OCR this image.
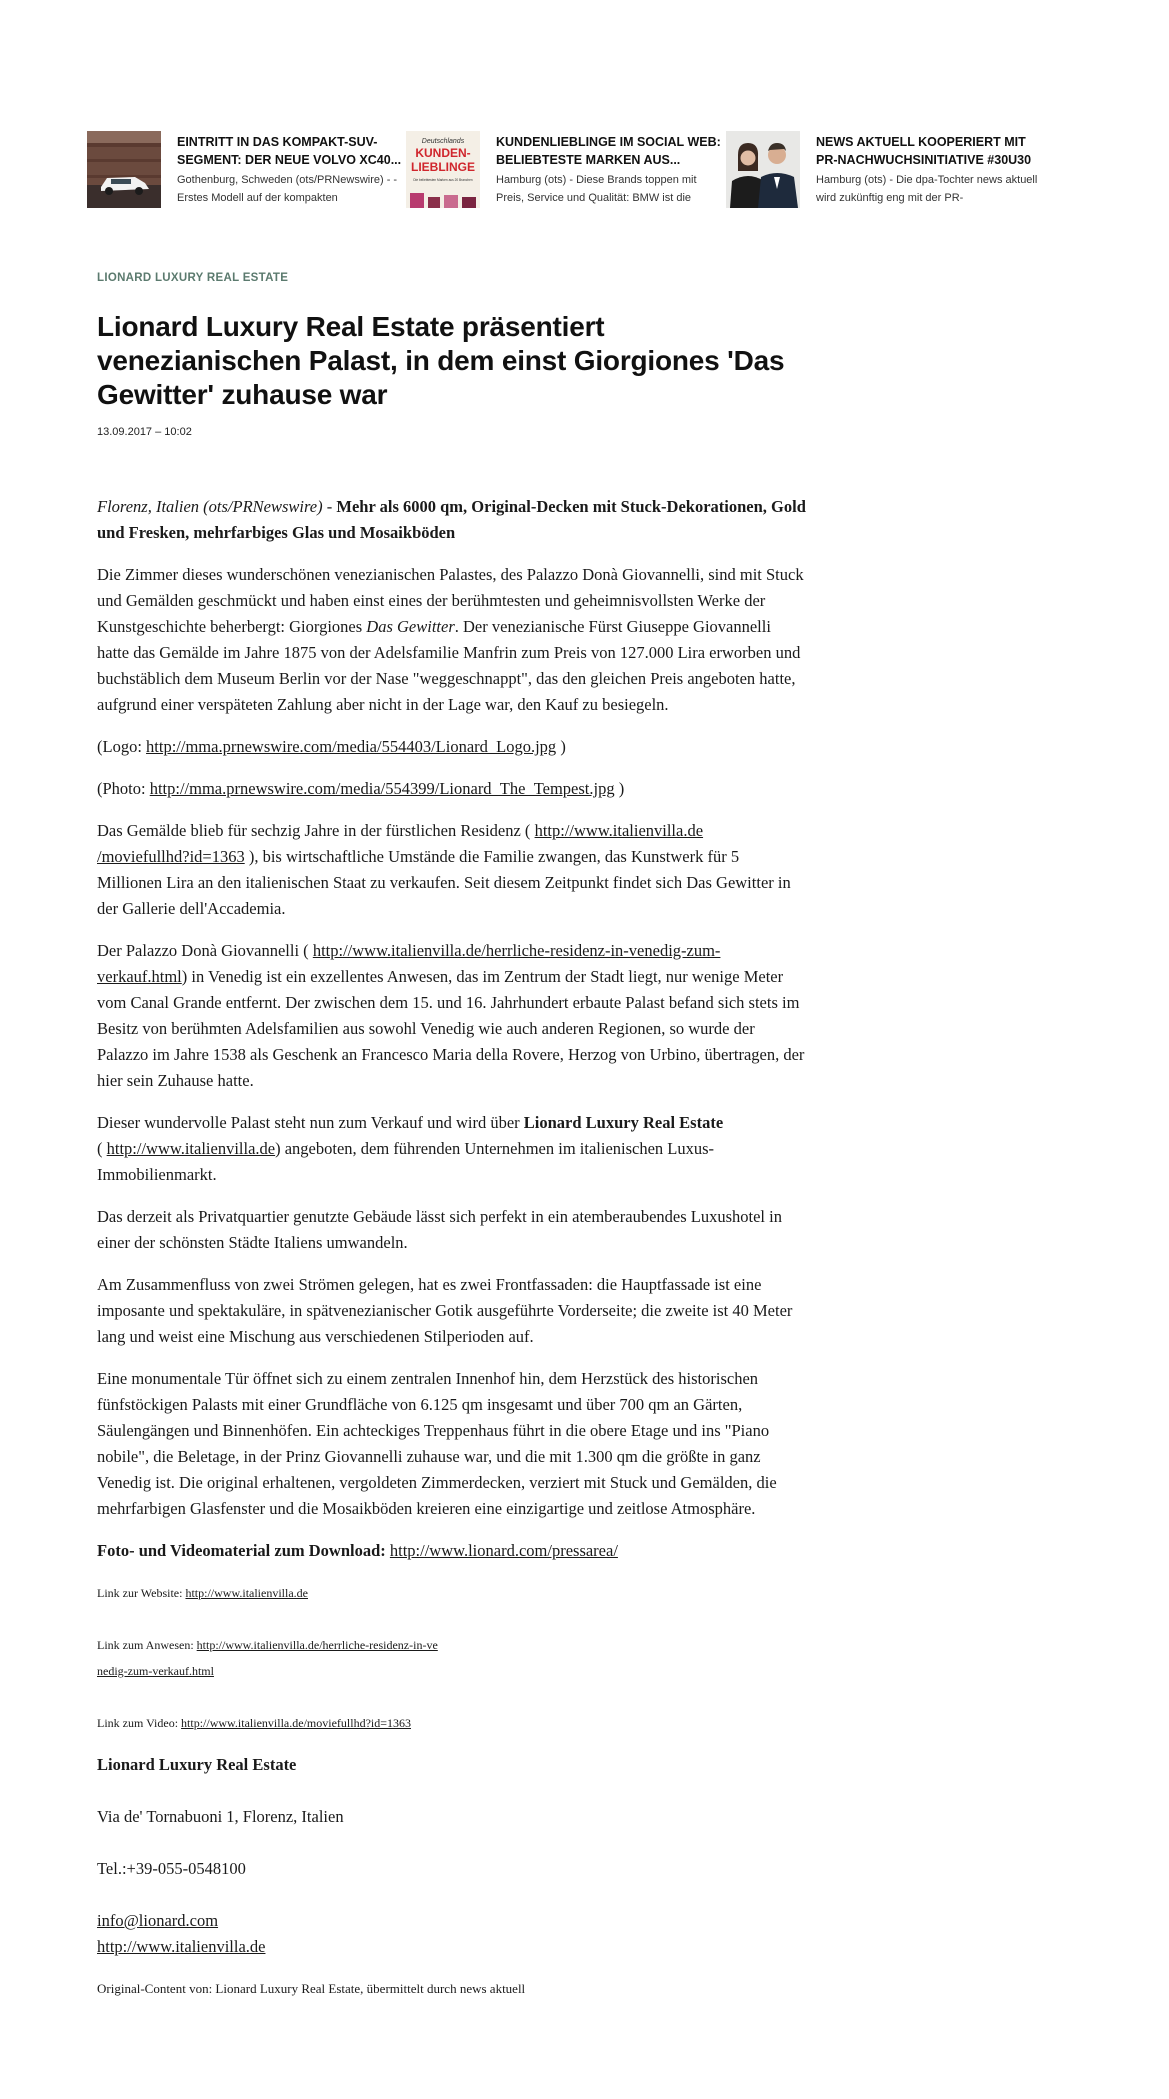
EINTRITT IN DAS KOMPAKT-SUV-SEGMENT: DER NEUE VOLVO XC40...

Gothenburg, Schweden (ots/PRNewswire) - - Erstes Modell auf der kompakten

Deutschlands
KUNDEN-
LIEBLINGE
Die beliebtesten Marken aus 20 Branchen

KUNDENLIEBLINGE IM SOCIAL WEB: BELIEBTESTE MARKEN AUS...

Hamburg (ots) - Diese Brands toppen mit Preis, Service und Qualität: BMW ist die

NEWS AKTUELL KOOPERIERT MIT PR-NACHWUCHSINITIATIVE #30U30

Hamburg (ots) - Die dpa-Tochter news aktuell wird zukünftig eng mit der PR-

LIONARD LUXURY REAL ESTATE

Lionard Luxury Real Estate präsentiert venezianischen Palast, in dem einst Giorgiones 'Das Gewitter' zuhause war

13.09.2017 – 10:02

Florenz, Italien (ots/PRNewswire) - Mehr als 6000 qm, Original-Decken mit Stuck-Dekorationen, Gold und Fresken, mehrfarbiges Glas und Mosaikböden

Die Zimmer dieses wunderschönen venezianischen Palastes, des Palazzo Donà Giovannelli, sind mit Stuck und Gemälden geschmückt und haben einst eines der berühmtesten und geheimnisvollsten Werke der Kunstgeschichte beherbergt: Giorgiones Das Gewitter. Der venezianische Fürst Giuseppe Giovannelli hatte das Gemälde im Jahre 1875 von der Adelsfamilie Manfrin zum Preis von 127.000 Lira erworben und buchstäblich dem Museum Berlin vor der Nase "weggeschnappt", das den gleichen Preis angeboten hatte, aufgrund einer verspäteten Zahlung aber nicht in der Lage war, den Kauf zu besiegeln.

(Logo: http://mma.prnewswire.com/media/554403/Lionard_Logo.jpg )

(Photo: http://mma.prnewswire.com/media/554399/Lionard_The_Tempest.jpg )

Das Gemälde blieb für sechzig Jahre in der fürstlichen Residenz ( http://www.italienvilla.de
/moviefullhd?id=1363 ), bis wirtschaftliche Umstände die Familie zwangen, das Kunstwerk für 5 Millionen Lira an den italienischen Staat zu verkaufen. Seit diesem Zeitpunkt findet sich Das Gewitter in der Gallerie dell'Accademia.

Der Palazzo Donà Giovannelli ( http://www.italienvilla.de/herrliche-residenz-in-venedig-zum-verkauf.html) in Venedig ist ein exzellentes Anwesen, das im Zentrum der Stadt liegt, nur wenige Meter vom Canal Grande entfernt. Der zwischen dem 15. und 16. Jahrhundert erbaute Palast befand sich stets im Besitz von berühmten Adelsfamilien aus sowohl Venedig wie auch anderen Regionen, so wurde der Palazzo im Jahre 1538 als Geschenk an Francesco Maria della Rovere, Herzog von Urbino, übertragen, der hier sein Zuhause hatte.

Dieser wundervolle Palast steht nun zum Verkauf und wird über Lionard Luxury Real Estate
( http://www.italienvilla.de) angeboten, dem führenden Unternehmen im italienischen Luxus-Immobilienmarkt.

Das derzeit als Privatquartier genutzte Gebäude lässt sich perfekt in ein atemberaubendes Luxushotel in einer der schönsten Städte Italiens umwandeln.

Am Zusammenfluss von zwei Strömen gelegen, hat es zwei Frontfassaden: die Hauptfassade ist eine imposante und spektakuläre, in spätvenezianischer Gotik ausgeführte Vorderseite; die zweite ist 40 Meter lang und weist eine Mischung aus verschiedenen Stilperioden auf.

Eine monumentale Tür öffnet sich zu einem zentralen Innenhof hin, dem Herzstück des historischen fünfstöckigen Palasts mit einer Grundfläche von 6.125 qm insgesamt und über 700 qm an Gärten, Säulengängen und Binnenhöfen. Ein achteckiges Treppenhaus führt in die obere Etage und ins "Piano nobile", die Beletage, in der Prinz Giovannelli zuhause war, und die mit 1.300 qm die größte in ganz Venedig ist. Die original erhaltenen, vergoldeten Zimmerdecken, verziert mit Stuck und Gemälden, die mehrfarbigen Glasfenster und die Mosaikböden kreieren eine einzigartige und zeitlose Atmosphäre.

Foto- und Videomaterial zum Download: http://www.lionard.com/pressarea/

Link zur Website: http://www.italienvilla.de

Link zum Anwesen: http://www.italienvilla.de/herrliche-residenz-in-ve
nedig-zum-verkauf.html

Link zum Video: http://www.italienvilla.de/moviefullhd?id=1363

Lionard Luxury Real Estate

Via de' Tornabuoni 1, Florenz, Italien

Tel.:+39-055-0548100

info@lionard.com
http://www.italienvilla.de

Original-Content von: Lionard Luxury Real Estate, übermittelt durch news aktuell
